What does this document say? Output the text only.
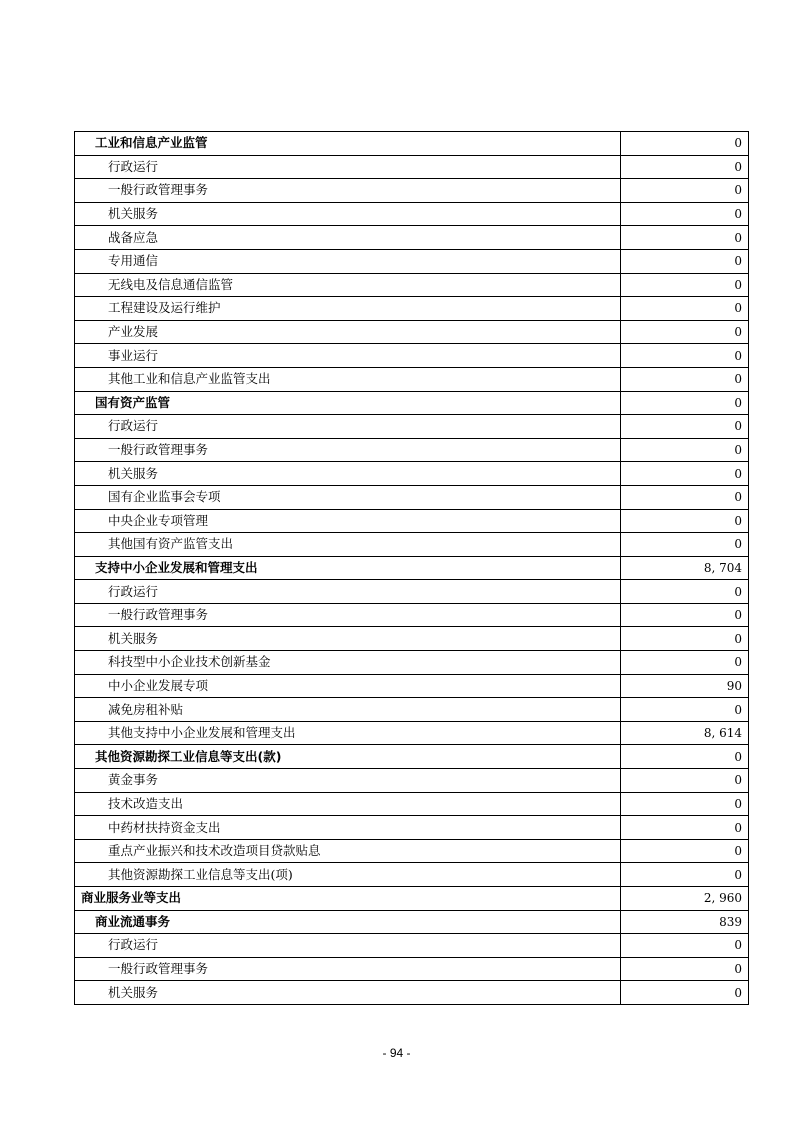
工业和信息产业监管	0
行政运行	0
一般行政管理事务	0
机关服务	0
战备应急	0
专用通信	0
无线电及信息通信监管	0
工程建设及运行维护	0
产业发展	0
事业运行	0
其他工业和信息产业监管支出	0
国有资产监管	0
行政运行	0
一般行政管理事务	0
机关服务	0
国有企业监事会专项	0
中央企业专项管理	0
其他国有资产监管支出	0
支持中小企业发展和管理支出	8, 704
行政运行	0
一般行政管理事务	0
机关服务	0
科技型中小企业技术创新基金	0
中小企业发展专项	90
减免房租补贴	0
其他支持中小企业发展和管理支出	8, 614
其他资源勘探工业信息等支出(款)	0
黄金事务	0
技术改造支出	0
中药材扶持资金支出	0
重点产业振兴和技术改造项目贷款贴息	0
其他资源勘探工业信息等支出(项)	0
商业服务业等支出	2, 960
商业流通事务	839
行政运行	0
一般行政管理事务	0
机关服务	0
- 94 -
